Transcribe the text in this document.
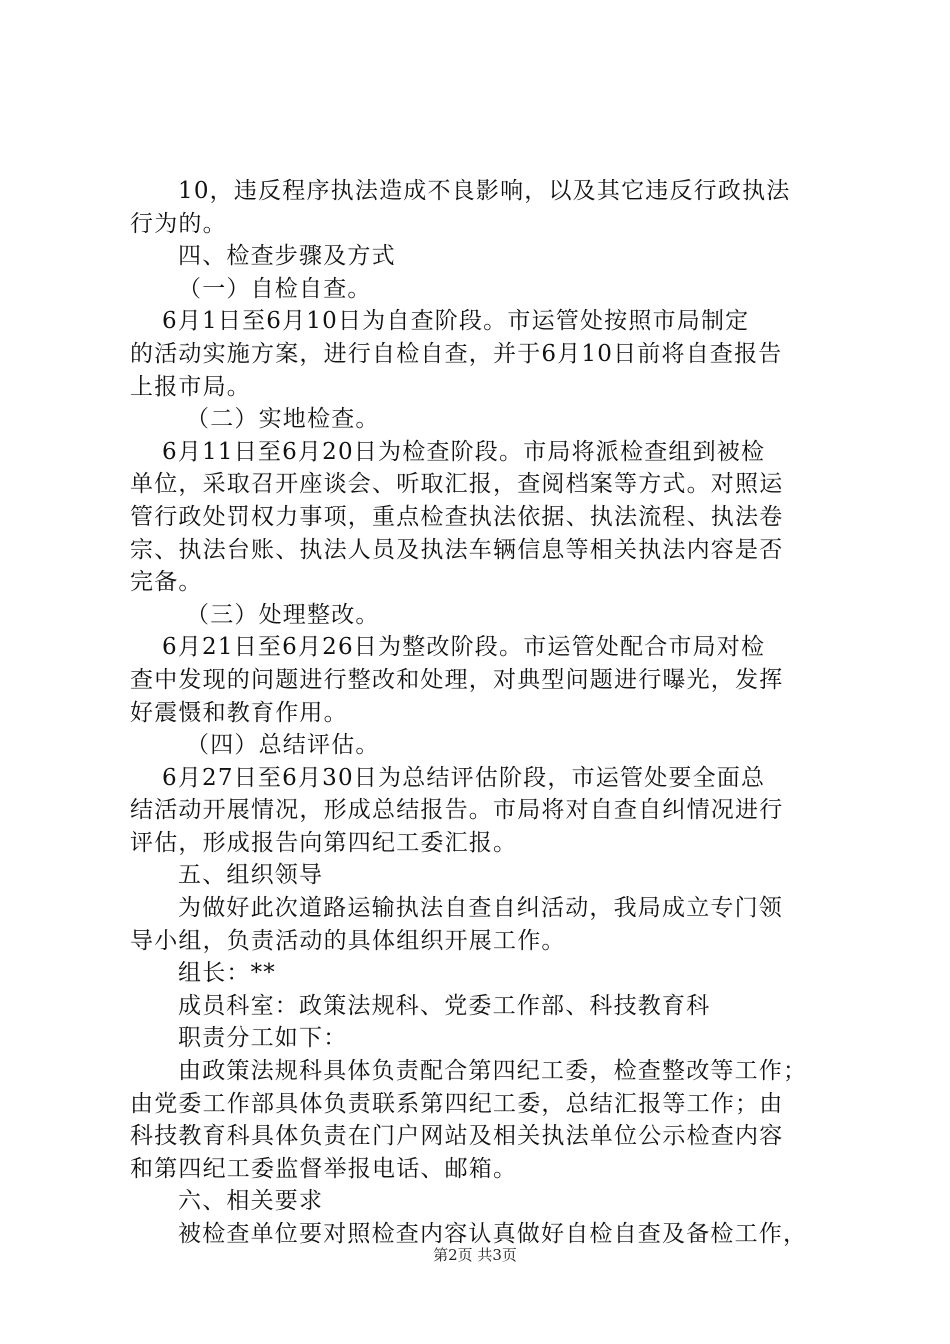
10，违反程序执法造成不良影响，以及其它违反行政执法
行为的。
四、检查步骤及方式
（一）自检自查。
6月1日至6月10日为自查阶段。市运管处按照市局制定
的活动实施方案，进行自检自查，并于6月10日前将自查报告
上报市局。
（二）实地检查。
6月11日至6月20日为检查阶段。市局将派检查组到被检
单位，采取召开座谈会、听取汇报，查阅档案等方式。对照运
管行政处罚权力事项，重点检查执法依据、执法流程、执法卷
宗、执法台账、执法人员及执法车辆信息等相关执法内容是否
完备。
（三）处理整改。
6月21日至6月26日为整改阶段。市运管处配合市局对检
查中发现的问题进行整改和处理，对典型问题进行曝光，发挥
好震慑和教育作用。
（四）总结评估。
6月27日至6月30日为总结评估阶段，市运管处要全面总
结活动开展情况，形成总结报告。市局将对自查自纠情况进行
评估，形成报告向第四纪工委汇报。
五、组织领导
为做好此次道路运输执法自查自纠活动，我局成立专门领
导小组，负责活动的具体组织开展工作。
组长：**
成员科室：政策法规科、党委工作部、科技教育科
职责分工如下：
由政策法规科具体负责配合第四纪工委，检查整改等工作；
由党委工作部具体负责联系第四纪工委，总结汇报等工作；由
科技教育科具体负责在门户网站及相关执法单位公示检查内容
和第四纪工委监督举报电话、邮箱。
六、相关要求
被检查单位要对照检查内容认真做好自检自查及备检工作，
第2页 共3页
